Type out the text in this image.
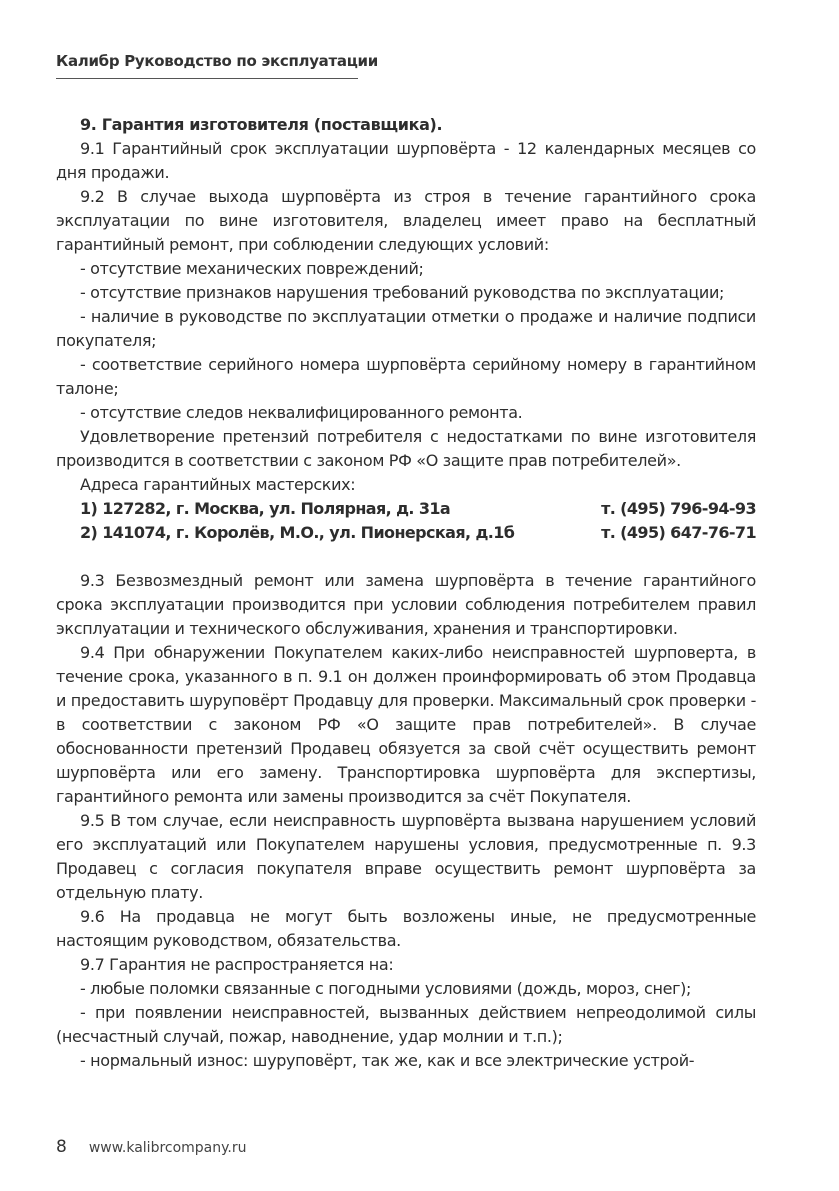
Калибр Руководство по эксплуатации

9. Гарантия изготовителя (поставщика).

9.1 Гарантийный срок эксплуатации шурповёрта - 12 календарных месяцев со дня продажи.

9.2 В случае выхода шурповёрта из строя в течение гарантийного срока эксплуатации по вине изготовителя, владелец имеет право на бесплатный гарантийный ремонт, при соблюдении следующих условий:

- отсутствие механических повреждений;

- отсутствие признаков нарушения требований руководства по эксплуатации;

- наличие в руководстве по эксплуатации отметки о продаже и наличие подписи покупателя;

- соответствие серийного номера шурповёрта серийному номеру в гарантийном талоне;

- отсутствие следов неквалифицированного ремонта.

Удовлетворение претензий потребителя с недостатками по вине изготовителя производится в соответствии с законом РФ «О защите прав потребителей».

Адреса гарантийных мастерских:

1) 127282, г. Москва, ул. Полярная, д. 31а	т. (495) 796-94-93
2) 141074, г. Королёв, М.О., ул. Пионерская, д.1б	т. (495) 647-76-71

9.3 Безвозмездный ремонт или замена шурповёрта в течение гарантийного срока эксплуатации производится при условии соблюдения потребителем правил эксплуатации и технического обслуживания, хранения и транспортировки.

9.4 При обнаружении Покупателем каких-либо неисправностей шурповерта, в течение срока, указанного в п. 9.1 он должен проинформировать об этом Продавца и предоставить шуруповёрт Продавцу для проверки. Максимальный срок проверки - в соответствии с законом РФ «О защите прав потребителей». В случае обоснованности претензий Продавец обязуется за свой счёт осуществить ремонт шурповёрта или его замену. Транспортировка шурповёрта для экспертизы, гарантийного ремонта или замены производится за счёт Покупателя.

9.5 В том случае, если неисправность шурповёрта вызвана нарушением условий его эксплуатаций или Покупателем нарушены условия, предусмотренные п. 9.3 Продавец с согласия покупателя вправе осуществить ремонт шурповёрта за отдельную плату.

9.6 На продавца не могут быть возложены иные, не предусмотренные настоящим руководством, обязательства.

9.7 Гарантия не распространяется на:

- любые поломки связанные с погодными условиями (дождь, мороз, снег);

- при появлении неисправностей, вызванных действием непреодолимой силы (несчастный случай, пожар, наводнение, удар молнии и т.п.);

- нормальный износ: шуруповёрт, так же, как и все электрические устрой-

8 www.kalibrcompany.ru
